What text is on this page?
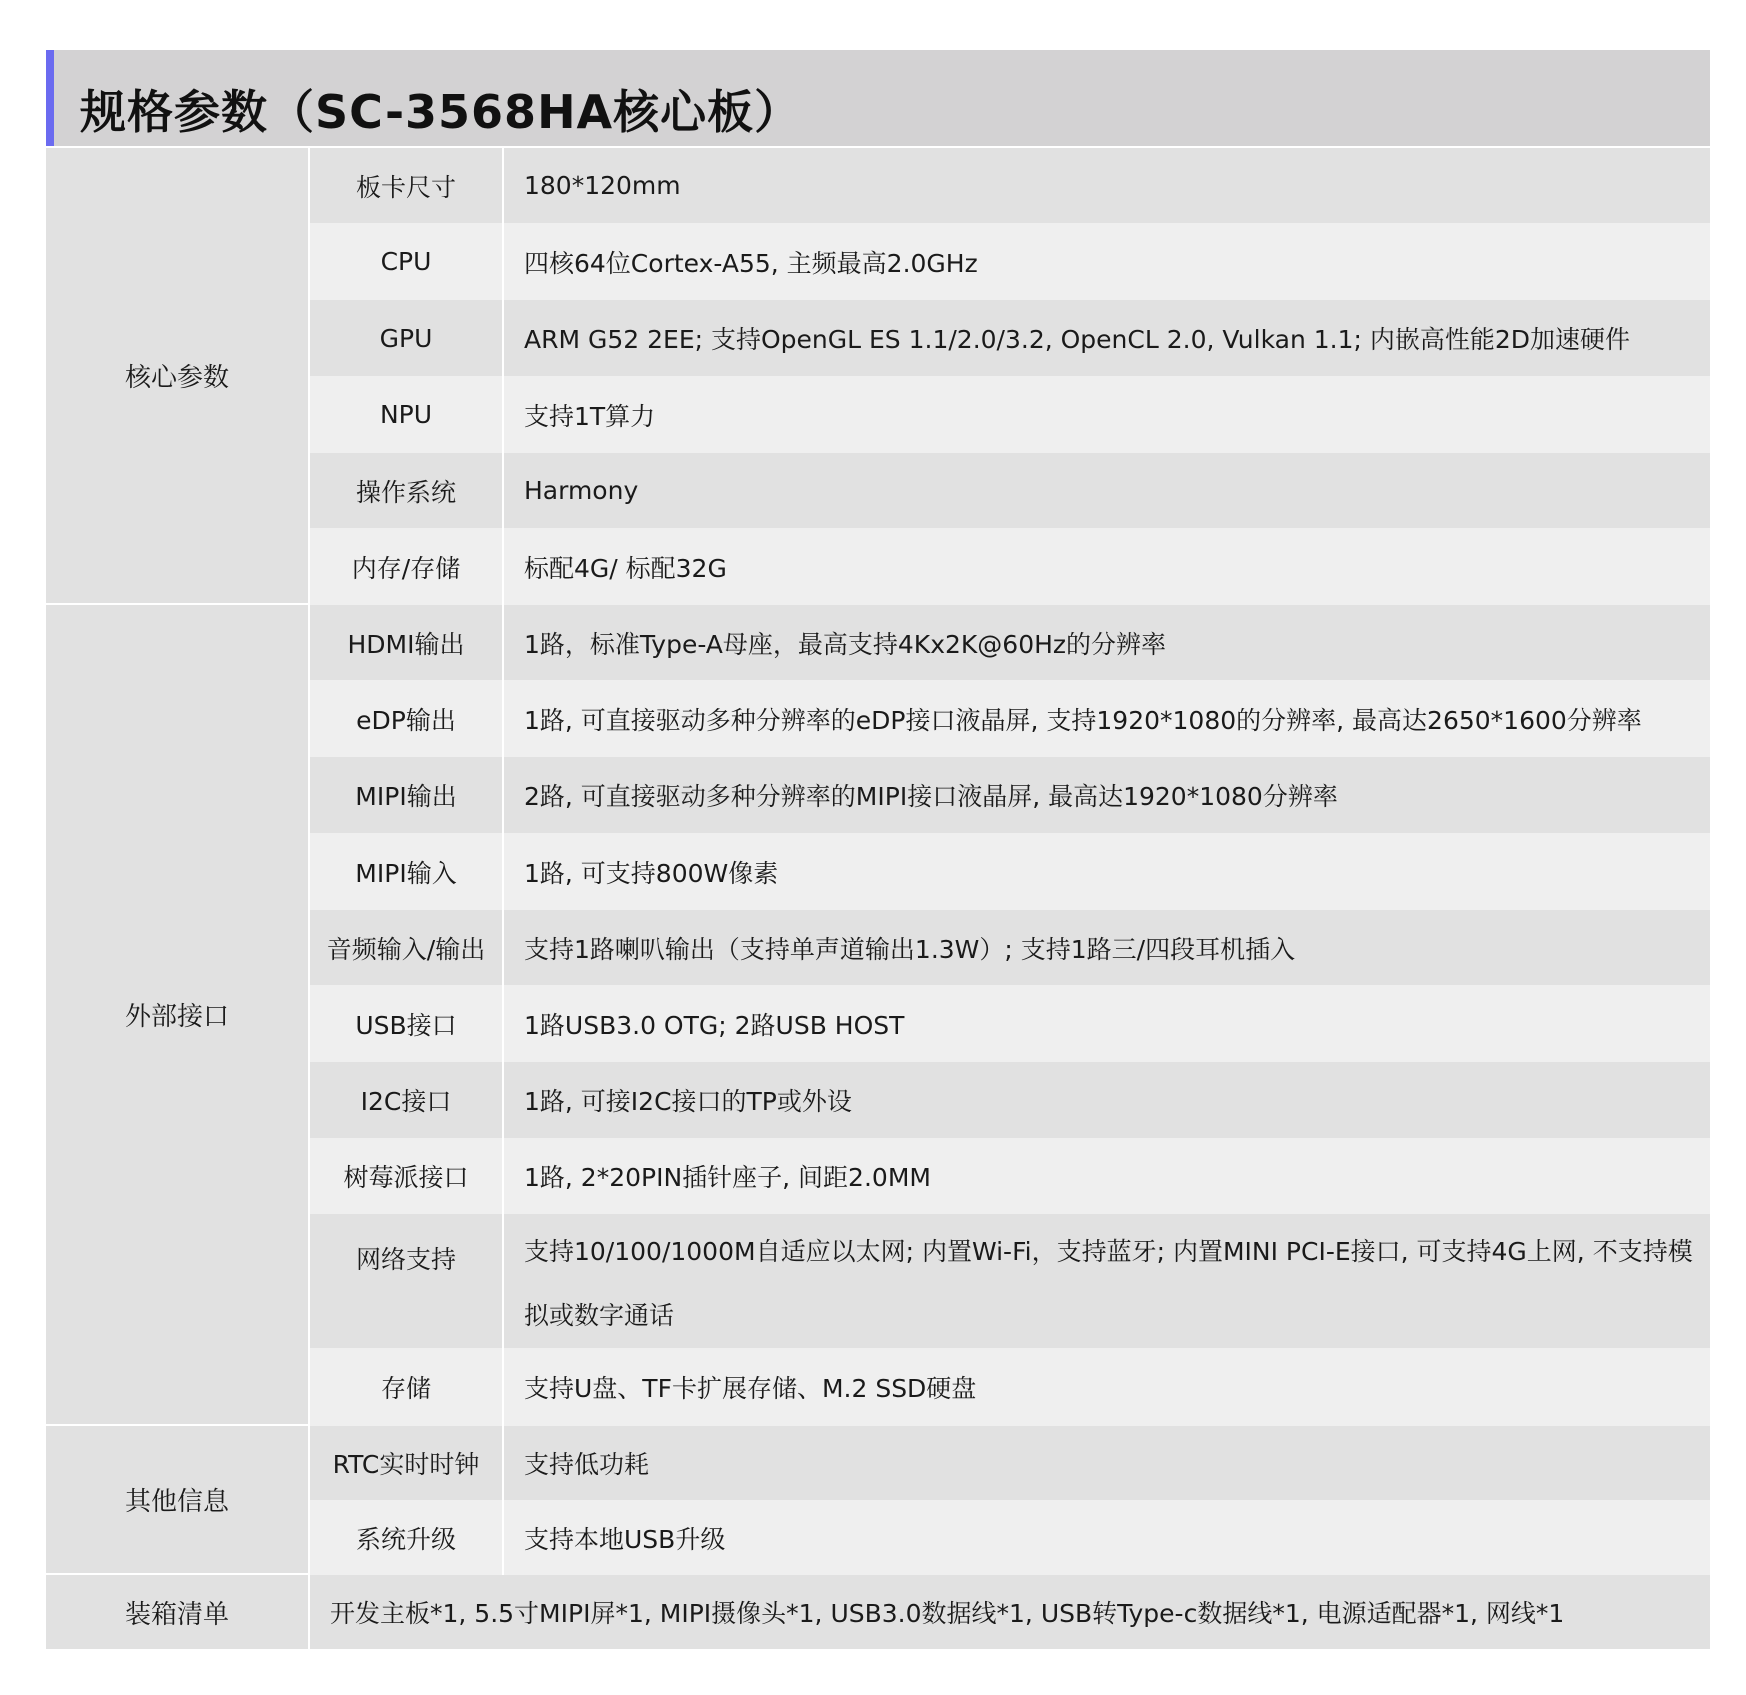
规格参数（SC-3568HA核心板）
核心参数
板卡尺寸	180*120mm
CPU	四核64位Cortex-A55, 主频最高2.0GHz
GPU	ARM G52 2EE; 支持OpenGL ES 1.1/2.0/3.2, OpenCL 2.0, Vulkan 1.1; 内嵌高性能2D加速硬件
NPU	支持1T算力
操作系统	Harmony
内存/存储	标配4G/ 标配32G
外部接口
HDMI输出	1路，标准Type-A母座，最高支持4Kx2K@60Hz的分辨率
eDP输出	1路, 可直接驱动多种分辨率的eDP接口液晶屏, 支持1920*1080的分辨率, 最高达2650*1600分辨率
MIPI输出	2路, 可直接驱动多种分辨率的MIPI接口液晶屏, 最高达1920*1080分辨率
MIPI输入	1路, 可支持800W像素
音频输入/输出	支持1路喇叭输出（支持单声道输出1.3W）; 支持1路三/四段耳机插入
USB接口	1路USB3.0 OTG; 2路USB HOST
I2C接口	1路, 可接I2C接口的TP或外设
树莓派接口	1路, 2*20PIN插针座子, 间距2.0MM
网络支持	支持10/100/1000M自适应以太网; 内置Wi-Fi，支持蓝牙; 内置MINI PCI-E接口, 可支持4G上网, 不支持模拟或数字通话
存储	支持U盘、TF卡扩展存储、M.2 SSD硬盘
其他信息
RTC实时时钟	支持低功耗
系统升级	支持本地USB升级
装箱清单	开发主板*1, 5.5寸MIPI屏*1, MIPI摄像头*1, USB3.0数据线*1, USB转Type-c数据线*1, 电源适配器*1, 网线*1
